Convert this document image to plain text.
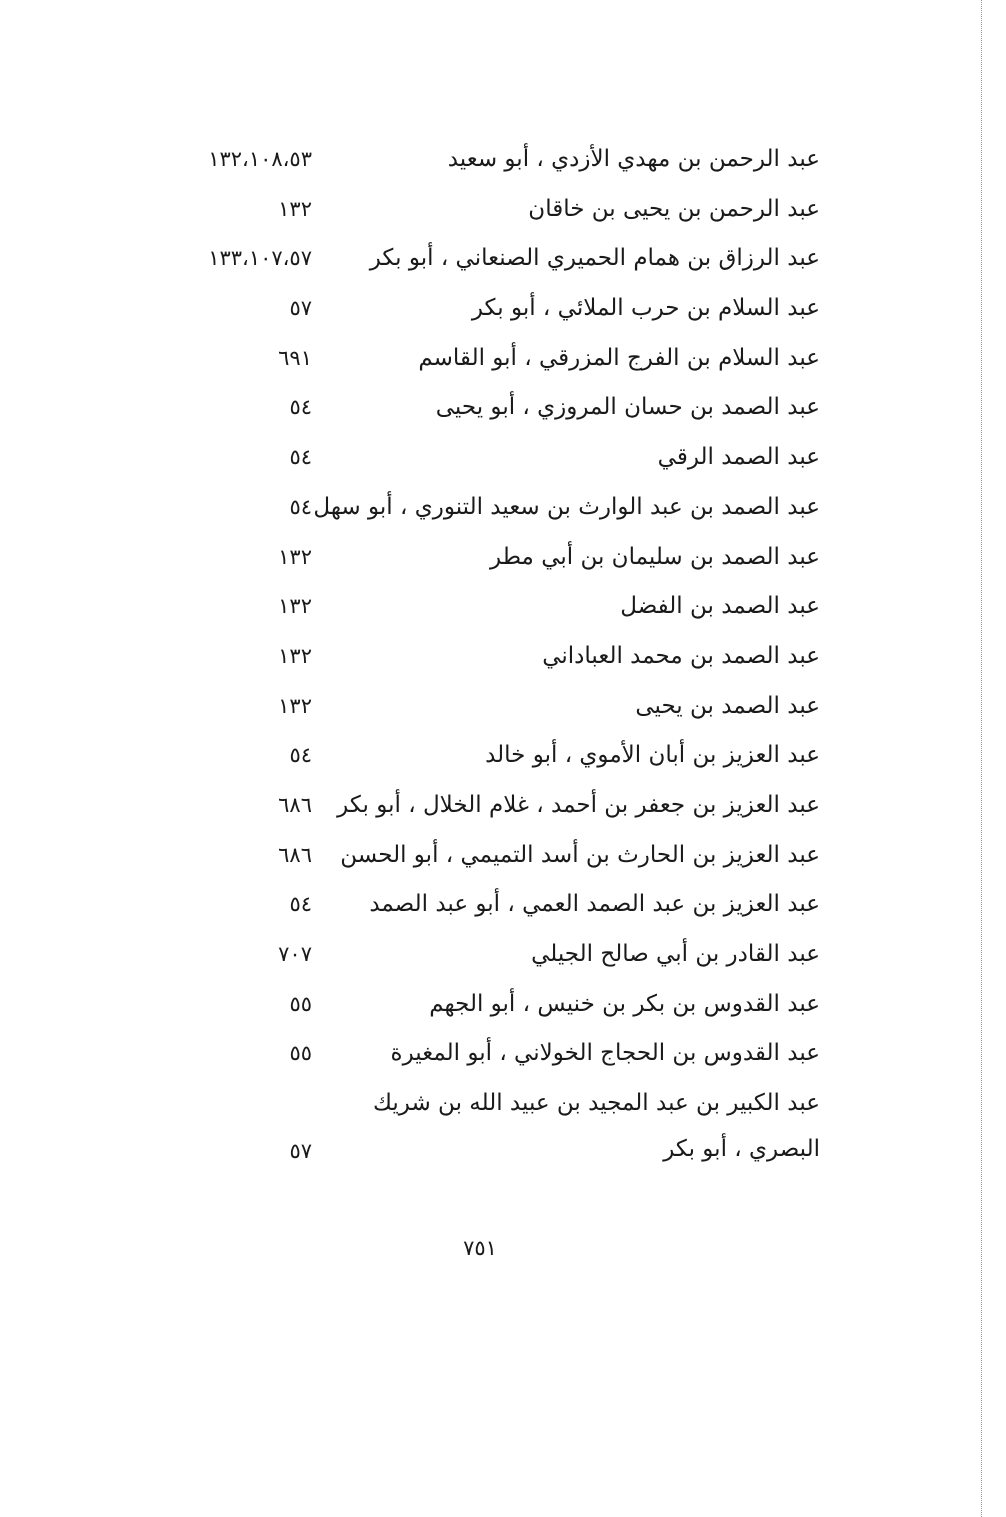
عبد الرحمن بن مهدي الأزدي ، أبو سعيد
١٣٢،١٠٨،٥٣
عبد الرحمن بن يحيى بن خاقان
١٣٢
عبد الرزاق بن همام الحميري الصنعاني ، أبو بكر
١٣٣،١٠٧،٥٧
عبد السلام بن حرب الملائي ، أبو بكر
٥٧
عبد السلام بن الفرج المزرقي ، أبو القاسم
٦٩١
عبد الصمد بن حسان المروزي ، أبو يحيى
٥٤
عبد الصمد الرقي
٥٤
عبد الصمد بن عبد الوارث بن سعيد التنوري ، أبو سهل
٥٤
عبد الصمد بن سليمان بن أبي مطر
١٣٢
عبد الصمد بن الفضل
١٣٢
عبد الصمد بن محمد العباداني
١٣٢
عبد الصمد بن يحيى
١٣٢
عبد العزيز بن أبان الأموي ، أبو خالد
٥٤
عبد العزيز بن جعفر بن أحمد ، غلام الخلال ، أبو بكر
٦٨٦
عبد العزيز بن الحارث بن أسد التميمي ، أبو الحسن
٦٨٦
عبد العزيز بن عبد الصمد العمي ، أبو عبد الصمد
٥٤
عبد القادر بن أبي صالح الجيلي
٧٠٧
عبد القدوس بن بكر بن خنيس ، أبو الجهم
٥٥
عبد القدوس بن الحجاج الخولاني ، أبو المغيرة
٥٥
عبد الكبير بن عبد المجيد بن عبيد الله بن شريك البصري ، أبو بكر
٥٧
٧٥١
